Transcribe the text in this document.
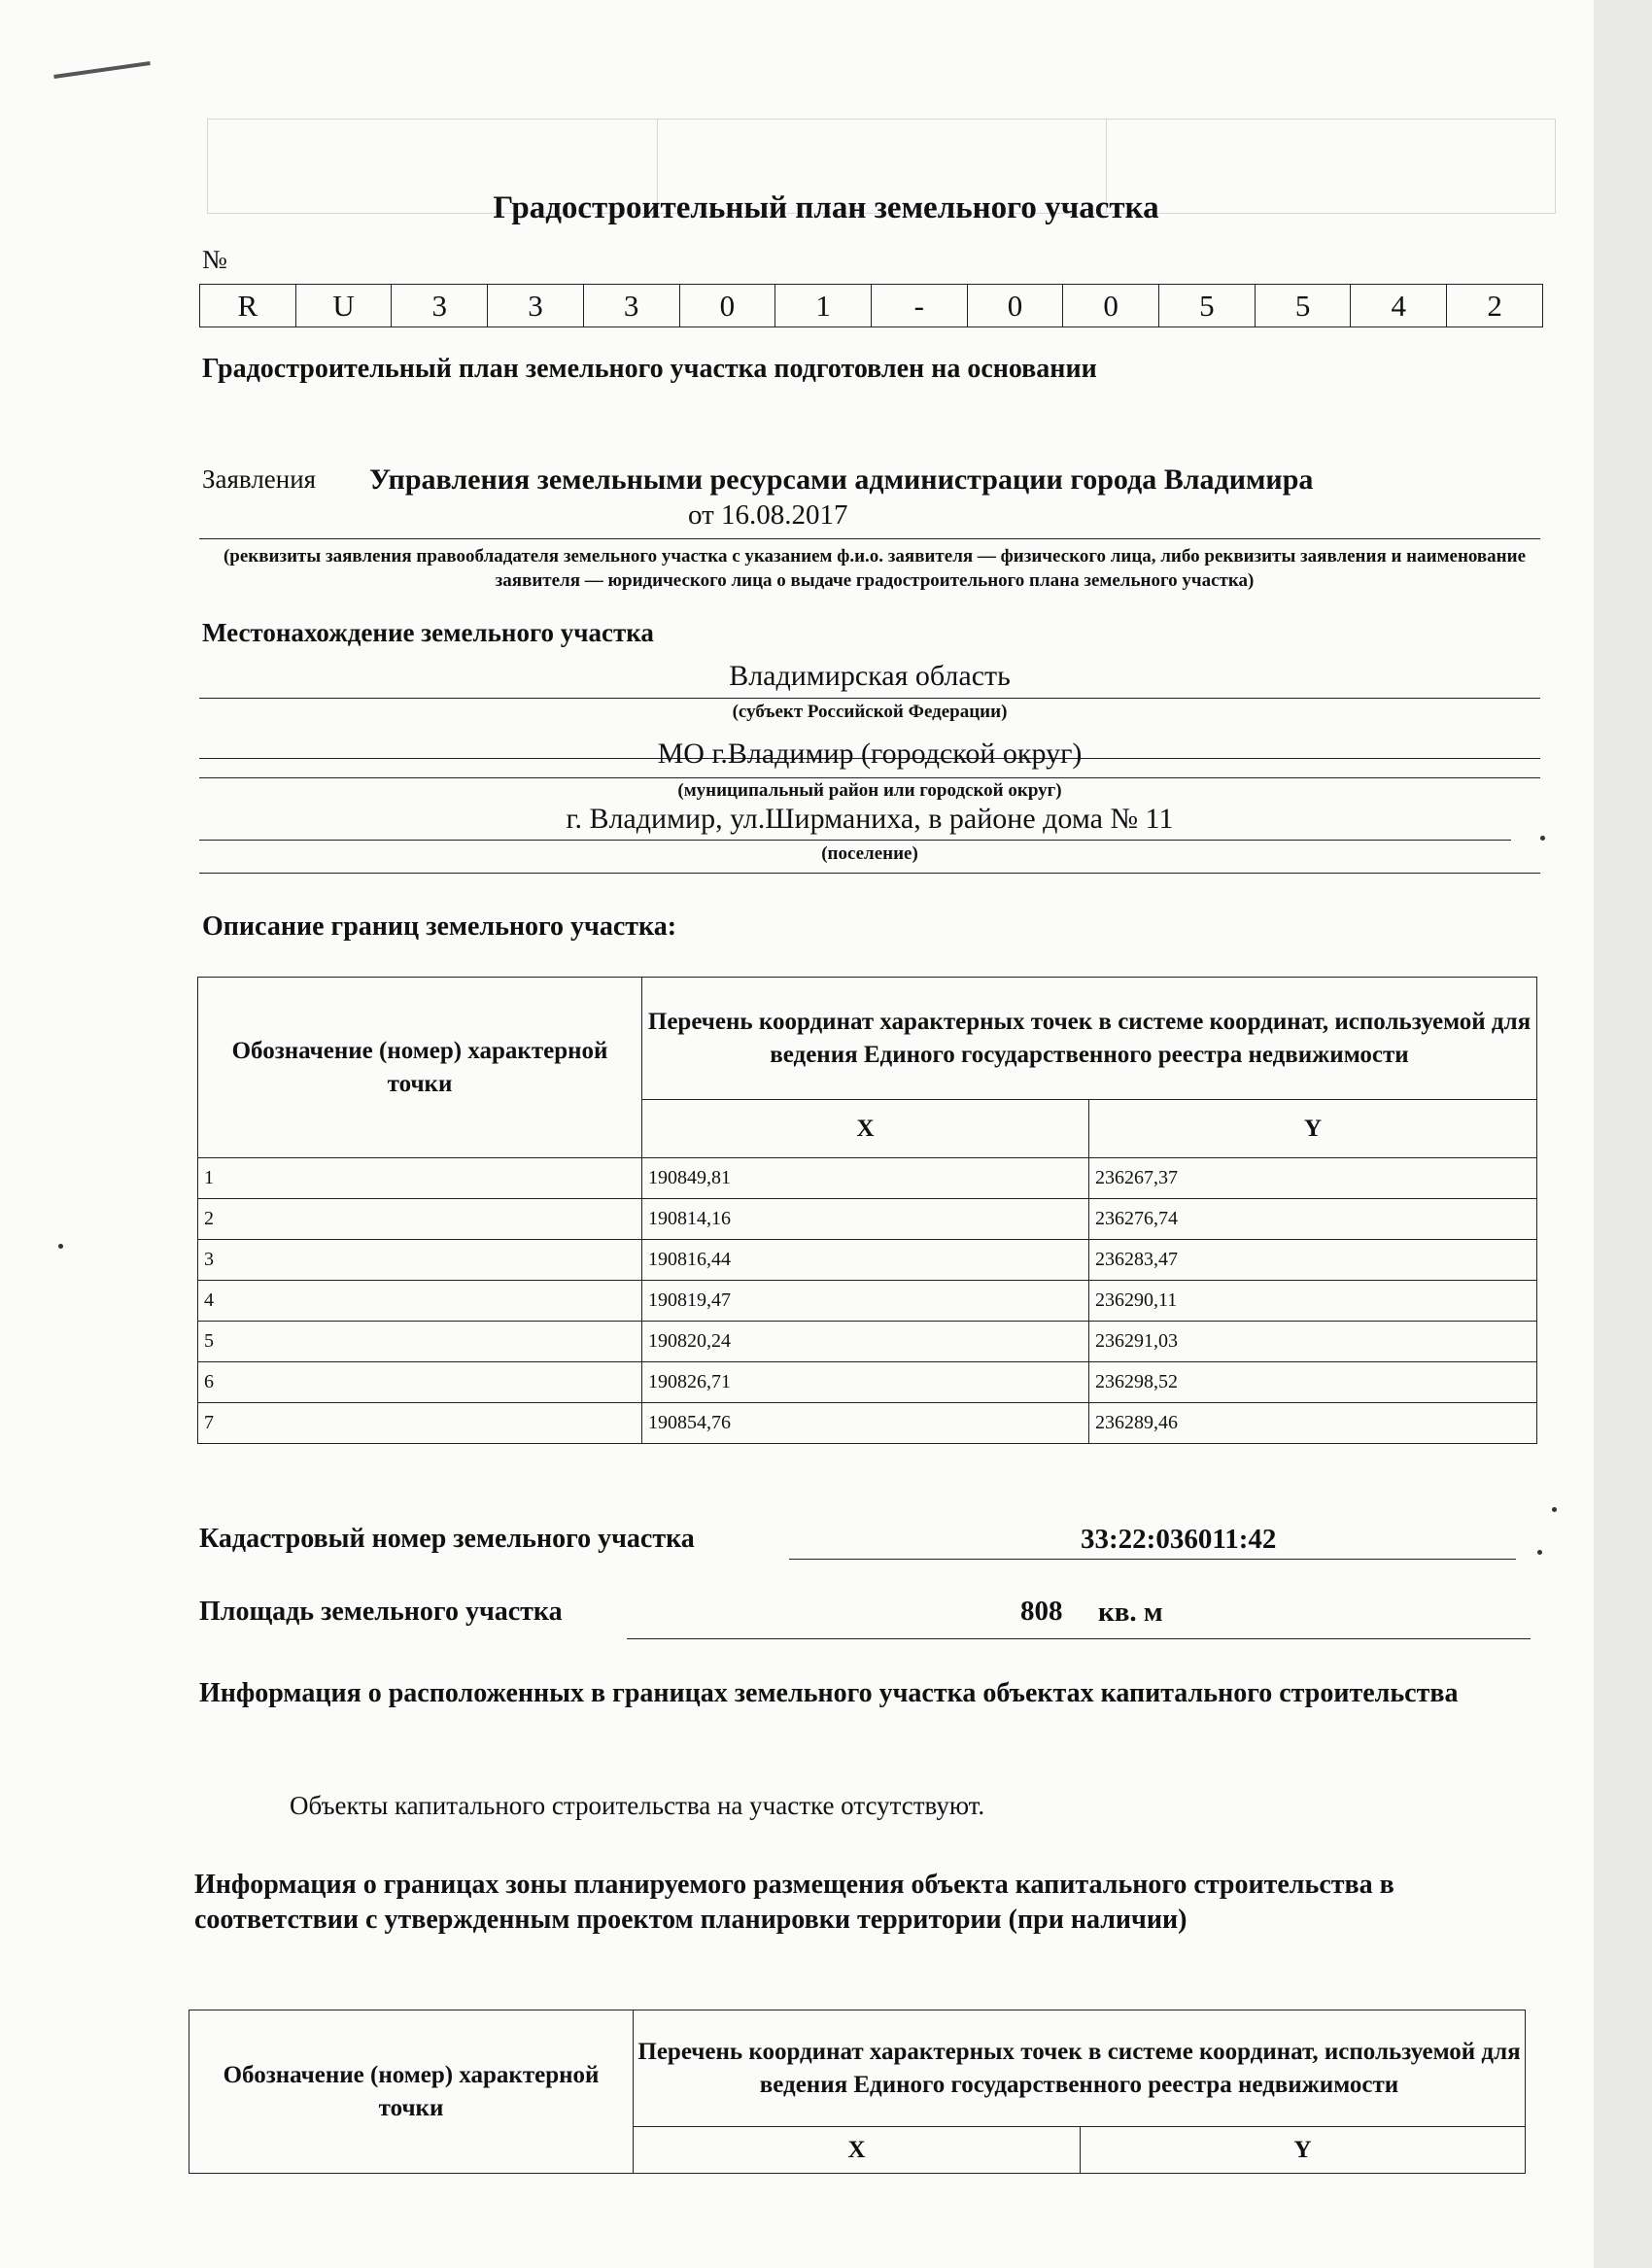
Градостроительный план земельного участка
№
R	U	3	3	3	0	1	-	0	0	5	5	4	2
Градостроительный план земельного участка подготовлен на основании
Заявления Управления земельными ресурсами администрации города Владимира
от 16.08.2017
(реквизиты заявления правообладателя земельного участка с указанием ф.и.о. заявителя — физического лица, либо реквизиты заявления и наименование заявителя — юридического лица о выдаче градостроительного плана земельного участка)
Местонахождение земельного участка
Владимирская область
(субъект Российской Федерации)
МО г.Владимир (городской округ)
(муниципальный район или городской округ)
г. Владимир, ул.Ширманиха, в районе дома № 11
(поселение)
Описание границ земельного участка:
Обозначение (номер) характерной точки	Перечень координат характерных точек в системе координат, используемой для ведения Единого государственного реестра недвижимости	
	X	Y
1	190849,81	236267,37
2	190814,16	236276,74
3	190816,44	236283,47
4	190819,47	236290,11
5	190820,24	236291,03
6	190826,71	236298,52
7	190854,76	236289,46
Кадастровый номер земельного участка	33:22:036011:42
Площадь земельного участка	808 кв. м
Информация о расположенных в границах земельного участка объектах капитального строительства
Объекты капитального строительства на участке отсутствуют.
Информация о границах зоны планируемого размещения объекта капитального строительства в соответствии с утвержденным проектом планировки территории (при наличии)
Обозначение (номер) характерной точки	Перечень координат характерных точек в системе координат, используемой для ведения Единого государственного реестра недвижимости	
	X	Y
